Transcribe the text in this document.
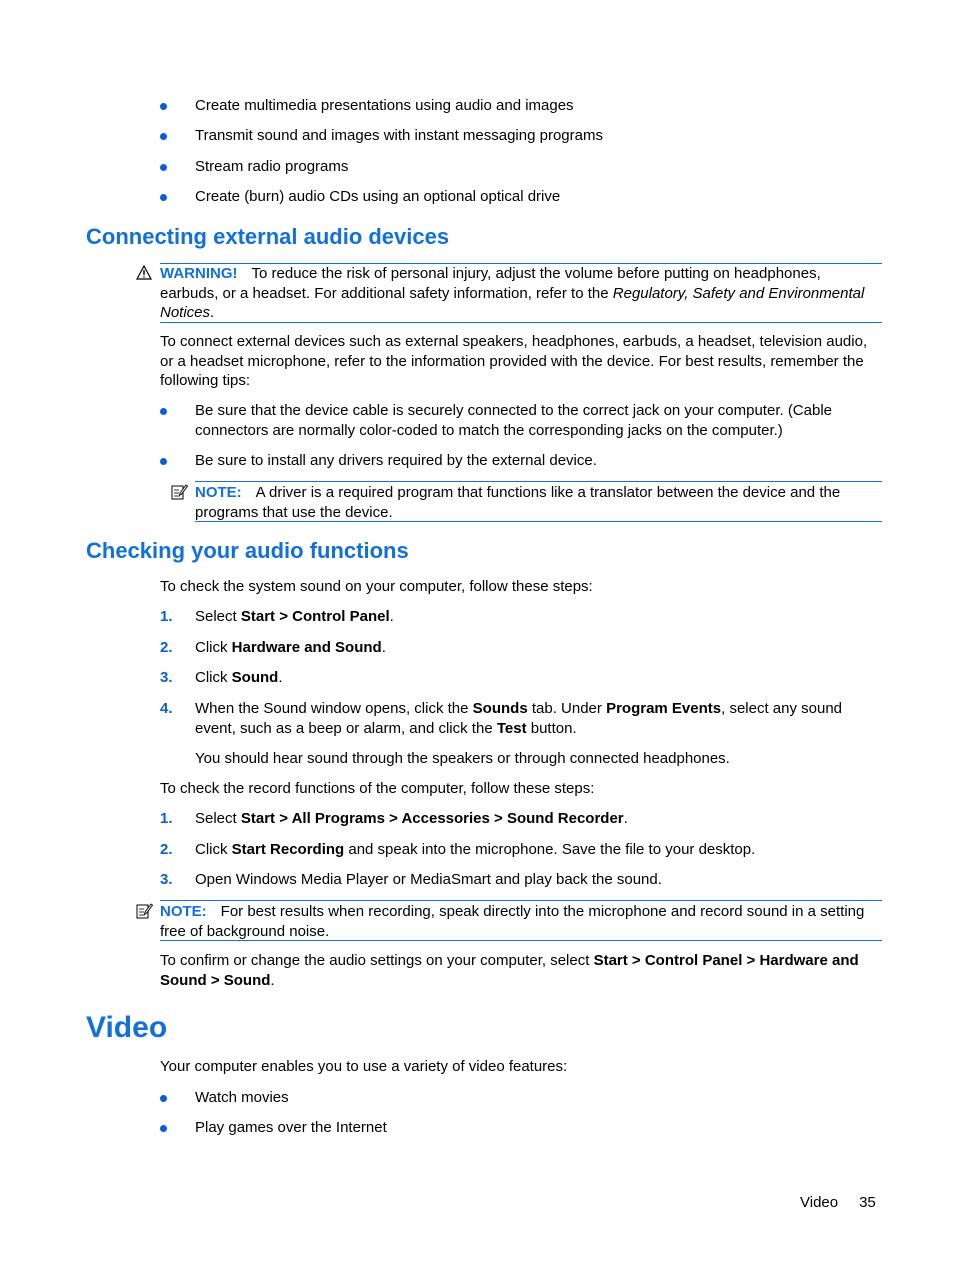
Create multimedia presentations using audio and images
Transmit sound and images with instant messaging programs
Stream radio programs
Create (burn) audio CDs using an optional optical drive
Connecting external audio devices
WARNING! To reduce the risk of personal injury, adjust the volume before putting on headphones, earbuds, or a headset. For additional safety information, refer to the Regulatory, Safety and Environmental Notices.

To connect external devices such as external speakers, headphones, earbuds, a headset, television audio, or a headset microphone, refer to the information provided with the device. For best results, remember the following tips:

Be sure that the device cable is securely connected to the correct jack on your computer. (Cable connectors are normally color-coded to match the corresponding jacks on the computer.)
Be sure to install any drivers required by the external device.
NOTE: A driver is a required program that functions like a translator between the device and the programs that use the device.
Checking your audio functions

To check the system sound on your computer, follow these steps:

1. Select Start > Control Panel.
2. Click Hardware and Sound.
3. Click Sound.
4. When the Sound window opens, click the Sounds tab. Under Program Events, select any sound event, such as a beep or alarm, and click the Test button.

You should hear sound through the speakers or through connected headphones.

To check the record functions of the computer, follow these steps:

1. Select Start > All Programs > Accessories > Sound Recorder.
2. Click Start Recording and speak into the microphone. Save the file to your desktop.
3. Open Windows Media Player or MediaSmart and play back the sound.
NOTE: For best results when recording, speak directly into the microphone and record sound in a setting free of background noise.

To confirm or change the audio settings on your computer, select Start > Control Panel > Hardware and Sound > Sound.

Video

Your computer enables you to use a variety of video features:

Watch movies
Play games over the Internet
Video 35
